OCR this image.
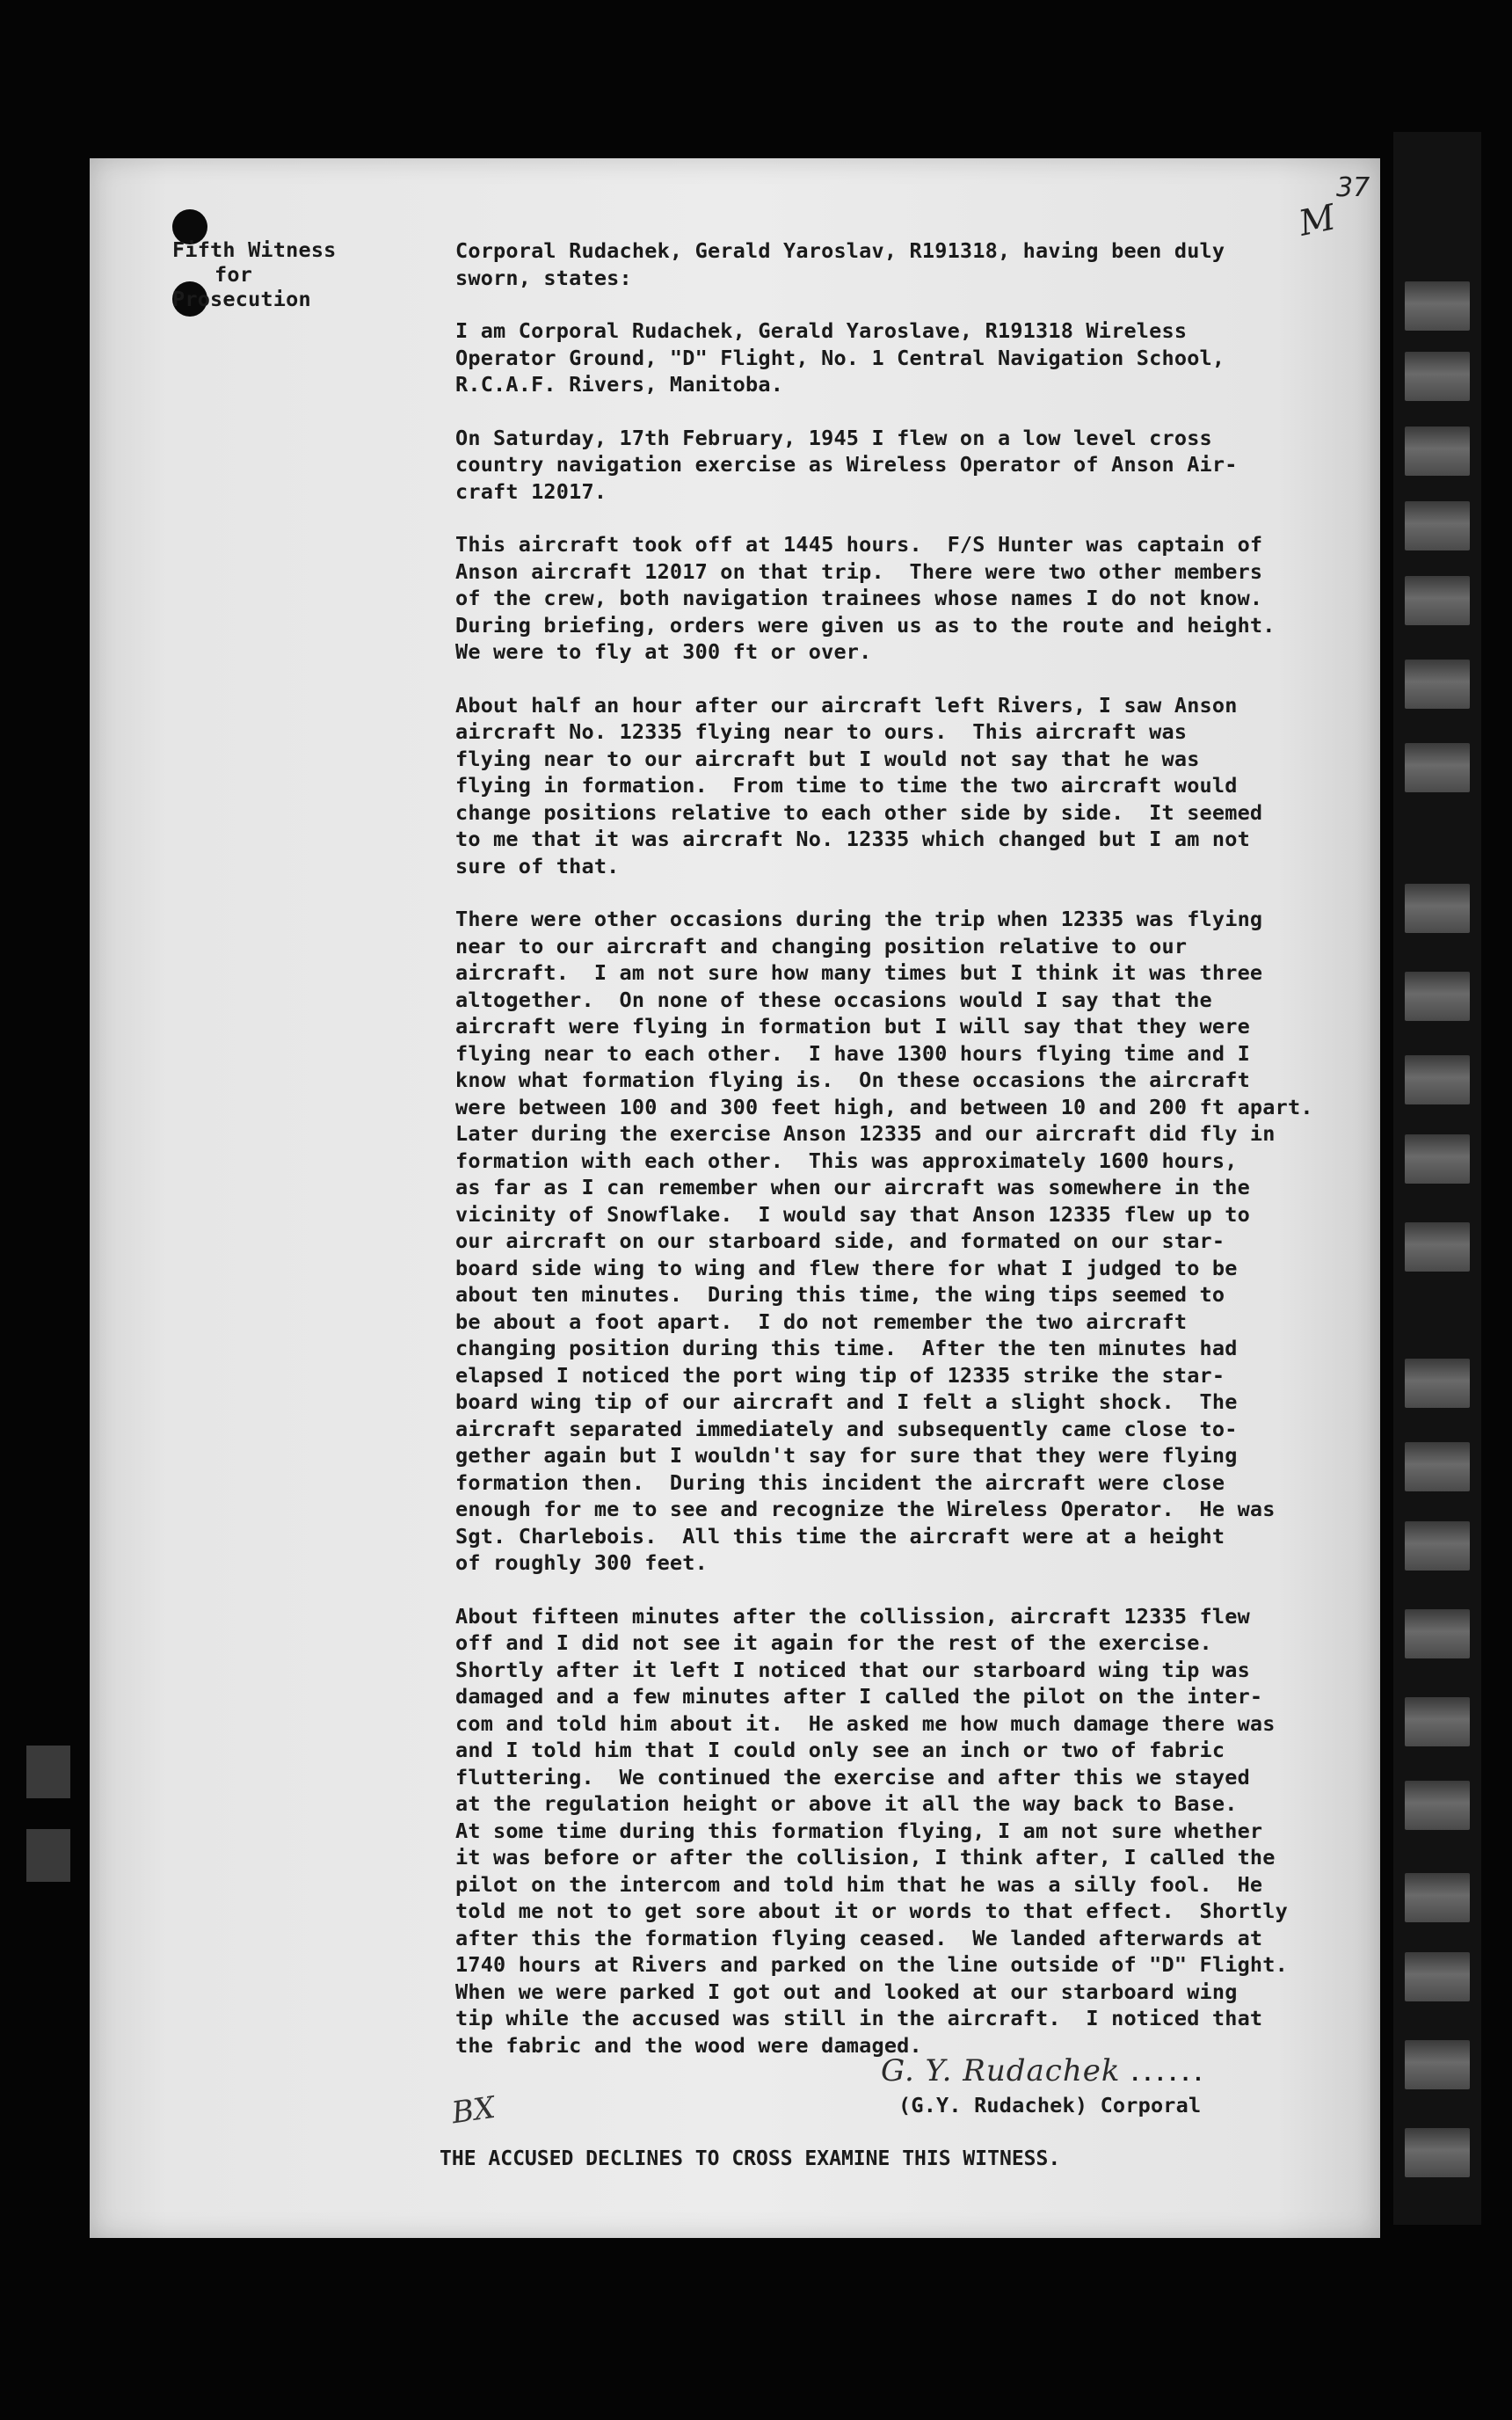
37
M

Fifth Witness

for

Prosecution

Corporal Rudachek, Gerald Yaroslav, R191318, having been duly

sworn, states:

I am Corporal Rudachek, Gerald Yaroslave, R191318 Wireless

Operator Ground, "D" Flight, No. 1 Central Navigation School,

R.C.A.F. Rivers, Manitoba.

On Saturday, 17th February, 1945 I flew on a low level cross

country navigation exercise as Wireless Operator of Anson Air-

craft 12017.

This aircraft took off at 1445 hours.  F/S Hunter was captain of

Anson aircraft 12017 on that trip.  There were two other members

of the crew, both navigation trainees whose names I do not know.

During briefing, orders were given us as to the route and height.

We were to fly at 300 ft or over.

About half an hour after our aircraft left Rivers, I saw Anson

aircraft No. 12335 flying near to ours.  This aircraft was

flying near to our aircraft but I would not say that he was

flying in formation.  From time to time the two aircraft would

change positions relative to each other side by side.  It seemed

to me that it was aircraft No. 12335 which changed but I am not

sure of that.

There were other occasions during the trip when 12335 was flying

near to our aircraft and changing position relative to our

aircraft.  I am not sure how many times but I think it was three

altogether.  On none of these occasions would I say that the

aircraft were flying in formation but I will say that they were

flying near to each other.  I have 1300 hours flying time and I

know what formation flying is.  On these occasions the aircraft

were between 100 and 300 feet high, and between 10 and 200 ft apart.

Later during the exercise Anson 12335 and our aircraft did fly in

formation with each other.  This was approximately 1600 hours,

as far as I can remember when our aircraft was somewhere in the

vicinity of Snowflake.  I would say that Anson 12335 flew up to

our aircraft on our starboard side, and formated on our star-

board side wing to wing and flew there for what I judged to be

about ten minutes.  During this time, the wing tips seemed to

be about a foot apart.  I do not remember the two aircraft

changing position during this time.  After the ten minutes had

elapsed I noticed the port wing tip of 12335 strike the star-

board wing tip of our aircraft and I felt a slight shock.  The

aircraft separated immediately and subsequently came close to-

gether again but I wouldn't say for sure that they were flying

formation then.  During this incident the aircraft were close

enough for me to see and recognize the Wireless Operator.  He was

Sgt. Charlebois.  All this time the aircraft were at a height

of roughly 300 feet.

About fifteen minutes after the collission, aircraft 12335 flew

off and I did not see it again for the rest of the exercise.

Shortly after it left I noticed that our starboard wing tip was

damaged and a few minutes after I called the pilot on the inter-

com and told him about it.  He asked me how much damage there was

and I told him that I could only see an inch or two of fabric

fluttering.  We continued the exercise and after this we stayed

at the regulation height or above it all the way back to Base.

At some time during this formation flying, I am not sure whether

it was before or after the collision, I think after, I called the

pilot on the intercom and told him that he was a silly fool.  He

told me not to get sore about it or words to that effect.  Shortly

after this the formation flying ceased.  We landed afterwards at

1740 hours at Rivers and parked on the line outside of "D" Flight.

When we were parked I got out and looked at our starboard wing

tip while the accused was still in the aircraft.  I noticed that

the fabric and the wood were damaged.

G. Y. Rudachek ......

(G.Y. Rudachek) Corporal

BX
THE ACCUSED DECLINES TO CROSS EXAMINE THIS WITNESS.
